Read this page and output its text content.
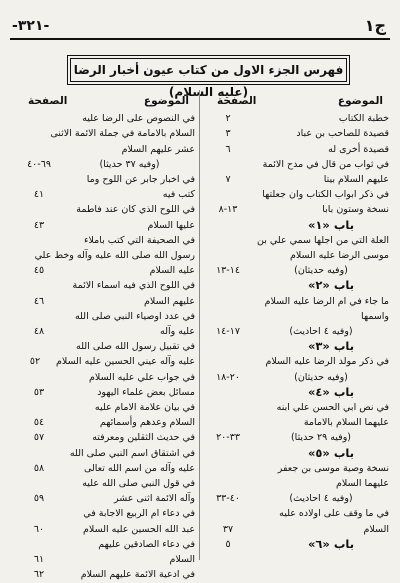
-٣٢١-	ج١
فهرس الجزء الاول من كتاب عيون أخبار الرضا (عليه السلام)
الموضوع
الصفحة
خطبة الكتاب
٢
قصيدة للصاحب بن عباد
٣
قصيدة أخرى له
٦
في ثواب من قال في مدح الائمة
عليهم السلام بيتا
٧
في ذكر ابواب الكتاب وان جعلتها
نسخة وستون بابا
١٣-٨
باب «١»
العلة التي من اجلها سمي علي بن
موسى الرضا عليه السلام
(وفيه حديثان)
١٤-١٣
باب «٢»
ما جاء في ام الرضا عليه السلام
واسمها
(وفيه ٤ احاديث)
١٧-١٤
باب «٣»
في ذكر مولد الرضا عليه السلام
(وفيه حديثان)
٢٠-١٨
باب «٤»
في نص ابي الحسن علي ابنه
عليهما السلام بالامامة
(وفيه ٢٩ حديثا)
٣٣-٢٠
باب «٥»
نسخة وصية موسى بن جعفر
عليهما السلام
(وفيه ٤ احاديث)
٤٠-٣٣
في ما وقف على اولاده عليه
السلام
٣٧
باب «٦»
٥
الموضوع
الصفحة
في النصوص على الرضا عليه
السلام بالامامة في جملة الائمة الاثنى
عشر عليهم السلام
(وفيه ٣٧ حديثا)
٦٩-٤٠
في اخبار جابر عن اللوح وما
كتب فيه
٤١
في اللوح الذي كان عند فاطمة
عليها السلام
٤٣
في الصحيفة التي كتب باملاء
رسول الله صلى الله عليه وآله وخط علي
عليه السلام
٤٥
في اللوح الذي فيه اسماء الائمة
عليهم السلام
٤٦
في عدد اوصياء النبي صلى الله
عليه وآله
٤٨
في تقبيل رسول الله صلى الله
عليه وآله عيني الحسين عليه السلام
٥٢
في جواب علي عليه السلام
مسائل بعض علماء اليهود
٥٣
في بيان علامة الامام عليه
السلام وعدهم وأسمائهم
٥٤
في حديث الثقلين ومعرفته
٥٧
في اشتقاق اسم النبي صلى الله
عليه وآله من اسم الله تعالى
٥٨
في قول النبي صلى الله عليه
وآله الائمة اثنى عشر
٥٩
في دعاء ام الربيع الاجابة في
عبد الله الحسين عليه السلام
٦٠
في دعاء الصادقين عليهم
السلام
٦١
في ادعية الائمة عليهم السلام
٦٢
